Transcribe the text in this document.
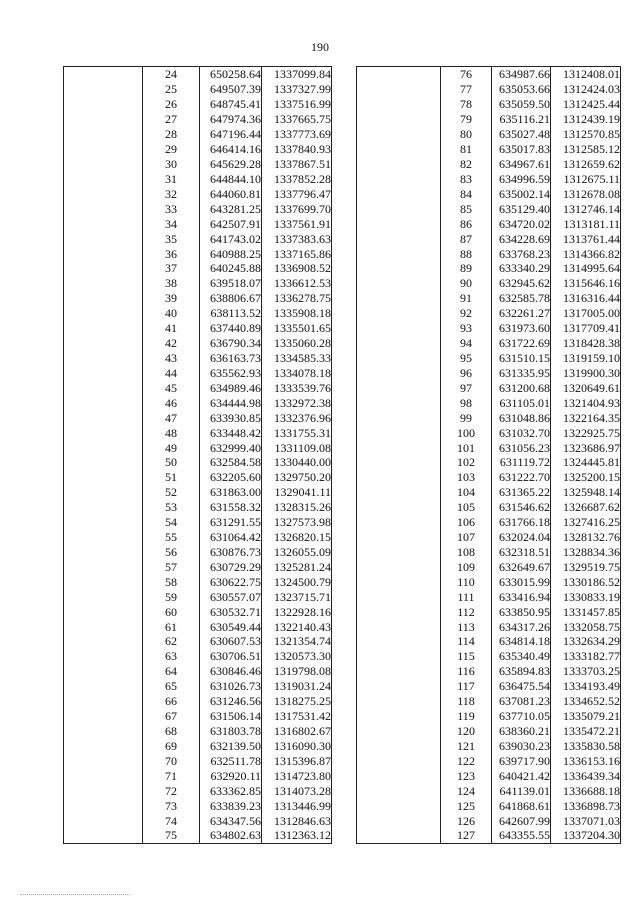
190
	24	650258.64	1337099.84
	25	649507.39	1337327.99
	26	648745.41	1337516.99
	27	647974.36	1337665.75
	28	647196.44	1337773.69
	29	646414.16	1337840.93
	30	645629.28	1337867.51
	31	644844.10	1337852.28
	32	644060.81	1337796.47
	33	643281.25	1337699.70
	34	642507.91	1337561.91
	35	641743.02	1337383.63
	36	640988.25	1337165.86
	37	640245.88	1336908.52
	38	639518.07	1336612.53
	39	638806.67	1336278.75
	40	638113.52	1335908.18
	41	637440.89	1335501.65
	42	636790.34	1335060.28
	43	636163.73	1334585.33
	44	635562.93	1334078.18
	45	634989.46	1333539.76
	46	634444.98	1332972.38
	47	633930.85	1332376.96
	48	633448.42	1331755.31
	49	632999.40	1331109.08
	50	632584.58	1330440.00
	51	632205.60	1329750.20
	52	631863.00	1329041.11
	53	631558.32	1328315.26
	54	631291.55	1327573.98
	55	631064.42	1326820.15
	56	630876.73	1326055.09
	57	630729.29	1325281.24
	58	630622.75	1324500.79
	59	630557.07	1323715.71
	60	630532.71	1322928.16
	61	630549.44	1322140.43
	62	630607.53	1321354.74
	63	630706.51	1320573.30
	64	630846.46	1319798.08
	65	631026.73	1319031.24
	66	631246.56	1318275.25
	67	631506.14	1317531.42
	68	631803.78	1316802.67
	69	632139.50	1316090.30
	70	632511.78	1315396.87
	71	632920.11	1314723.80
	72	633362.85	1314073.28
	73	633839.23	1313446.99
	74	634347.56	1312846.63
	75	634802.63	1312363.12
	76	634987.66	1312408.01
	77	635053.66	1312424.03
	78	635059.50	1312425.44
	79	635116.21	1312439.19
	80	635027.48	1312570.85
	81	635017.83	1312585.12
	82	634967.61	1312659.62
	83	634996.59	1312675.11
	84	635002.14	1312678.08
	85	635129.40	1312746.14
	86	634720.02	1313181.11
	87	634228.69	1313761.44
	88	633768.23	1314366.82
	89	633340.29	1314995.64
	90	632945.62	1315646.16
	91	632585.78	1316316.44
	92	632261.27	1317005.00
	93	631973.60	1317709.41
	94	631722.69	1318428.38
	95	631510.15	1319159.10
	96	631335.95	1319900.30
	97	631200.68	1320649.61
	98	631105.01	1321404.93
	99	631048.86	1322164.35
	100	631032.70	1322925.75
	101	631056.23	1323686.97
	102	631119.72	1324445.81
	103	631222.70	1325200.15
	104	631365.22	1325948.14
	105	631546.62	1326687.62
	106	631766.18	1327416.25
	107	632024.04	1328132.76
	108	632318.51	1328834.36
	109	632649.67	1329519.75
	110	633015.99	1330186.52
	111	633416.94	1330833.19
	112	633850.95	1331457.85
	113	634317.26	1332058.75
	114	634814.18	1332634.29
	115	635340.49	1333182.77
	116	635894.83	1333703.25
	117	636475.54	1334193.49
	118	637081.23	1334652.52
	119	637710.05	1335079.21
	120	638360.21	1335472.21
	121	639030.23	1335830.58
	122	639717.90	1336153.16
	123	640421.42	1336439.34
	124	641139.01	1336688.18
	125	641868.61	1336898.73
	126	642607.99	1337071.03
	127	643355.55	1337204.30
